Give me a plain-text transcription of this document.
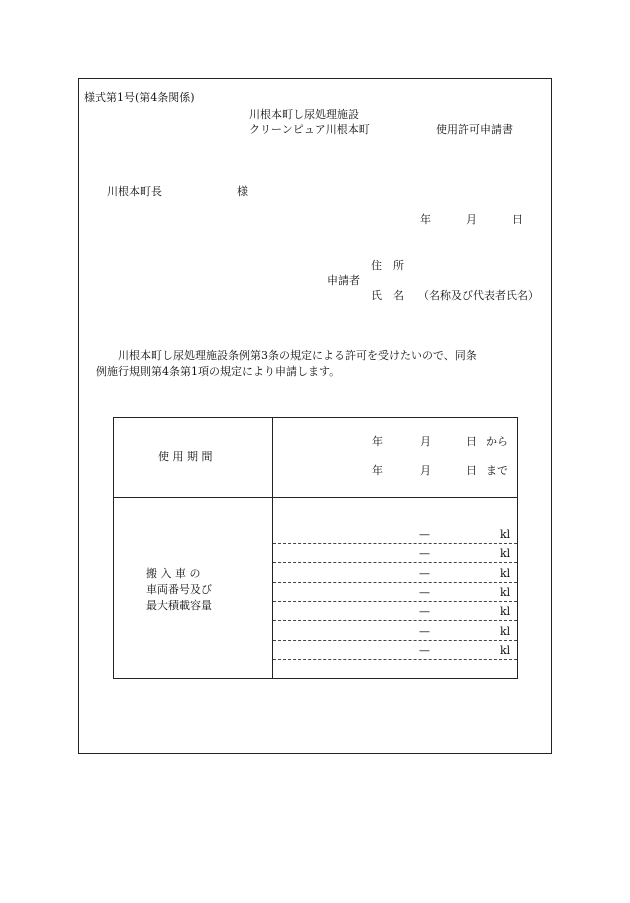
様式第1号(第4条関係)
川根本町し尿処理施設
クリーンピュア川根本町	使用許可申請書
川根本町長	様
年	月	日
住　所
申請者
氏　名 （名称及び代表者氏名）
川根本町し尿処理施設条例第3条の規定による許可を受けたいので、同条
例施行規則第4条第1項の規定により申請します。
使 用 期 間
年	月	日 から
年	月	日 まで
搬 入 車 の
車両番号及び
最大積載容量
—	kl
—	kl
—	kl
—	kl
—	kl
—	kl
—	kl
